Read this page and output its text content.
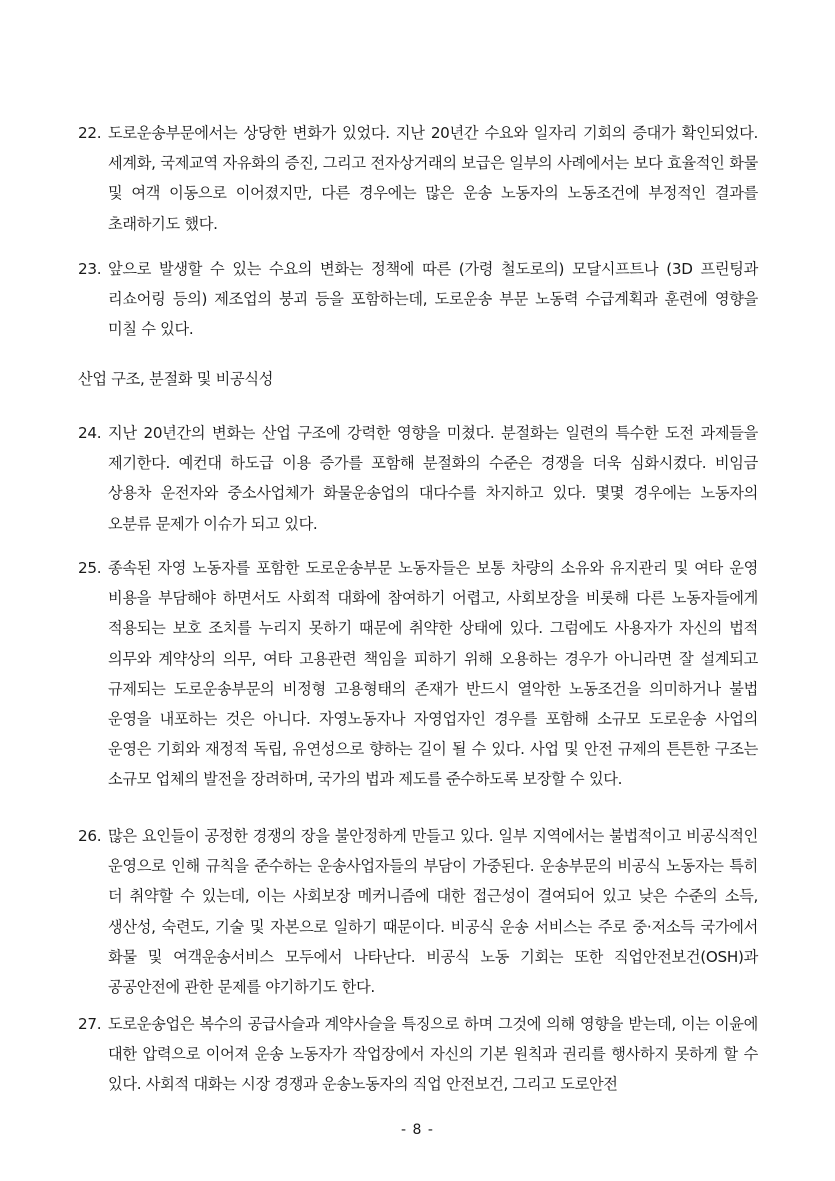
22. 도로운송부문에서는 상당한 변화가 있었다. 지난 20년간 수요와 일자리 기회의 증대가 확인되었다. 세계화, 국제교역 자유화의 증진, 그리고 전자상거래의 보급은 일부의 사례에서는 보다 효율적인 화물 및 여객 이동으로 이어졌지만, 다른 경우에는 많은 운송 노동자의 노동조건에 부정적인 결과를 초래하기도 했다.
23. 앞으로 발생할 수 있는 수요의 변화는 정책에 따른 (가령 철도로의) 모달시프트나 (3D 프린팅과 리쇼어링 등의) 제조업의 붕괴 등을 포함하는데, 도로운송 부문 노동력 수급계획과 훈련에 영향을 미칠 수 있다.
산업 구조, 분절화 및 비공식성
24. 지난 20년간의 변화는 산업 구조에 강력한 영향을 미쳤다. 분절화는 일련의 특수한 도전 과제들을 제기한다. 예컨대 하도급 이용 증가를 포함해 분절화의 수준은 경쟁을 더욱 심화시켰다. 비임금 상용차 운전자와 중소사업체가 화물운송업의 대다수를 차지하고 있다. 몇몇 경우에는 노동자의 오분류 문제가 이슈가 되고 있다.
25. 종속된 자영 노동자를 포함한 도로운송부문 노동자들은 보통 차량의 소유와 유지관리 및 여타 운영 비용을 부담해야 하면서도 사회적 대화에 참여하기 어렵고, 사회보장을 비롯해 다른 노동자들에게 적용되는 보호 조치를 누리지 못하기 때문에 취약한 상태에 있다. 그럼에도 사용자가 자신의 법적 의무와 계약상의 의무, 여타 고용관련 책임을 피하기 위해 오용하는 경우가 아니라면 잘 설계되고 규제되는 도로운송부문의 비정형 고용형태의 존재가 반드시 열악한 노동조건을 의미하거나 불법 운영을 내포하는 것은 아니다. 자영노동자나 자영업자인 경우를 포함해 소규모 도로운송 사업의 운영은 기회와 재정적 독립, 유연성으로 향하는 길이 될 수 있다. 사업 및 안전 규제의 튼튼한 구조는 소규모 업체의 발전을 장려하며, 국가의 법과 제도를 준수하도록 보장할 수 있다.
26. 많은 요인들이 공정한 경쟁의 장을 불안정하게 만들고 있다. 일부 지역에서는 불법적이고 비공식적인 운영으로 인해 규칙을 준수하는 운송사업자들의 부담이 가중된다. 운송부문의 비공식 노동자는 특히 더 취약할 수 있는데, 이는 사회보장 메커니즘에 대한 접근성이 결여되어 있고 낮은 수준의 소득, 생산성, 숙련도, 기술 및 자본으로 일하기 때문이다. 비공식 운송 서비스는 주로 중·저소득 국가에서 화물 및 여객운송서비스 모두에서 나타난다. 비공식 노동 기회는 또한 직업안전보건(OSH)과 공공안전에 관한 문제를 야기하기도 한다.
27. 도로운송업은 복수의 공급사슬과 계약사슬을 특징으로 하며 그것에 의해 영향을 받는데, 이는 이윤에 대한 압력으로 이어져 운송 노동자가 작업장에서 자신의 기본 원칙과 권리를 행사하지 못하게 할 수 있다. 사회적 대화는 시장 경쟁과 운송노동자의 직업 안전보건, 그리고 도로안전
- 8 -
